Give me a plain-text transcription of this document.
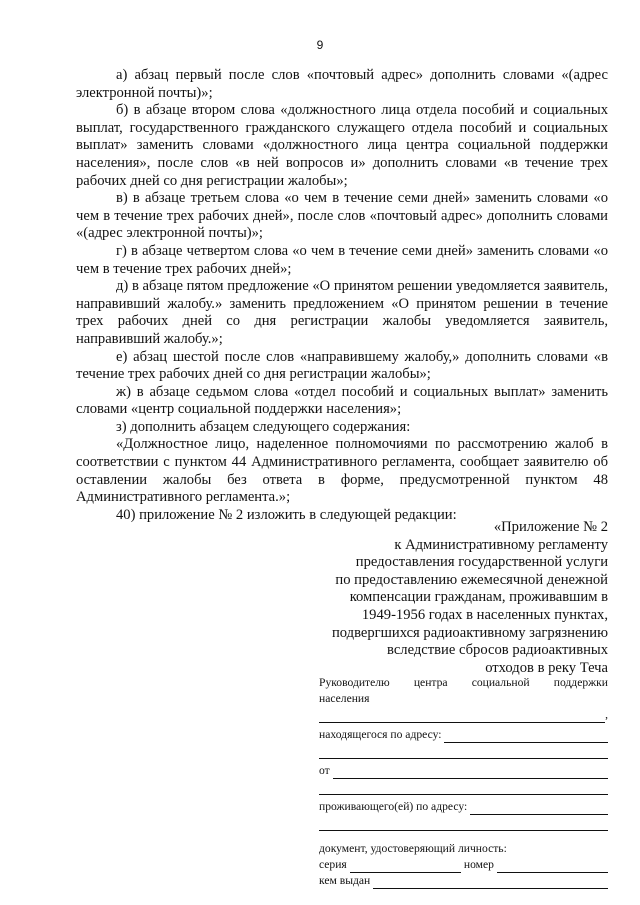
9

а) абзац первый после слов «почтовый адрес» дополнить словами «(адрес электронной почты)»;

б) в абзаце втором слова «должностного лица отдела пособий и социальных выплат, государственного гражданского служащего отдела пособий и социальных выплат» заменить словами «должностного лица центра социальной поддержки населения», после слов «в ней вопросов и» дополнить словами «в течение трех рабочих дней со дня регистрации жалобы»;

в) в абзаце третьем слова «о чем в течение семи дней» заменить словами «о чем в течение трех рабочих дней», после слов «почтовый адрес» дополнить словами «(адрес электронной почты)»;

г) в абзаце четвертом слова «о чем в течение семи дней» заменить словами «о чем в течение трех рабочих дней»;

д) в абзаце пятом предложение «О принятом решении уведомляется заявитель, направивший жалобу.» заменить предложением «О принятом решении в течение трех рабочих дней со дня регистрации жалобы уведомляется заявитель, направивший жалобу.»;

е) абзац шестой после слов «направившему жалобу,» дополнить словами «в течение трех рабочих дней со дня регистрации жалобы»;

ж) в абзаце седьмом слова «отдел пособий и социальных выплат» заменить словами «центр социальной поддержки населения»;

з) дополнить абзацем следующего содержания:

«Должностное лицо, наделенное полномочиями по рассмотрению жалоб в соответствии с пунктом 44 Административного регламента, сообщает заявителю об оставлении жалобы без ответа в форме, предусмотренной пунктом 48 Административного регламента.»;

40) приложение № 2 изложить в следующей редакции:

«Приложение № 2
к Административному регламенту
предоставления государственной услуги
по предоставлению ежемесячной денежной
компенсации гражданам, проживавшим в
1949-1956 годах в населенных пунктах,
подвергшихся радиоактивному загрязнению
вследствие сбросов радиоактивных
отходов в реку Теча
Руководителю центра социальной поддержки
населения
,
находящегося по адресу:
от
проживающего(ей) по адресу:
документ, удостоверяющий личность:
серия	номер
кем выдан
